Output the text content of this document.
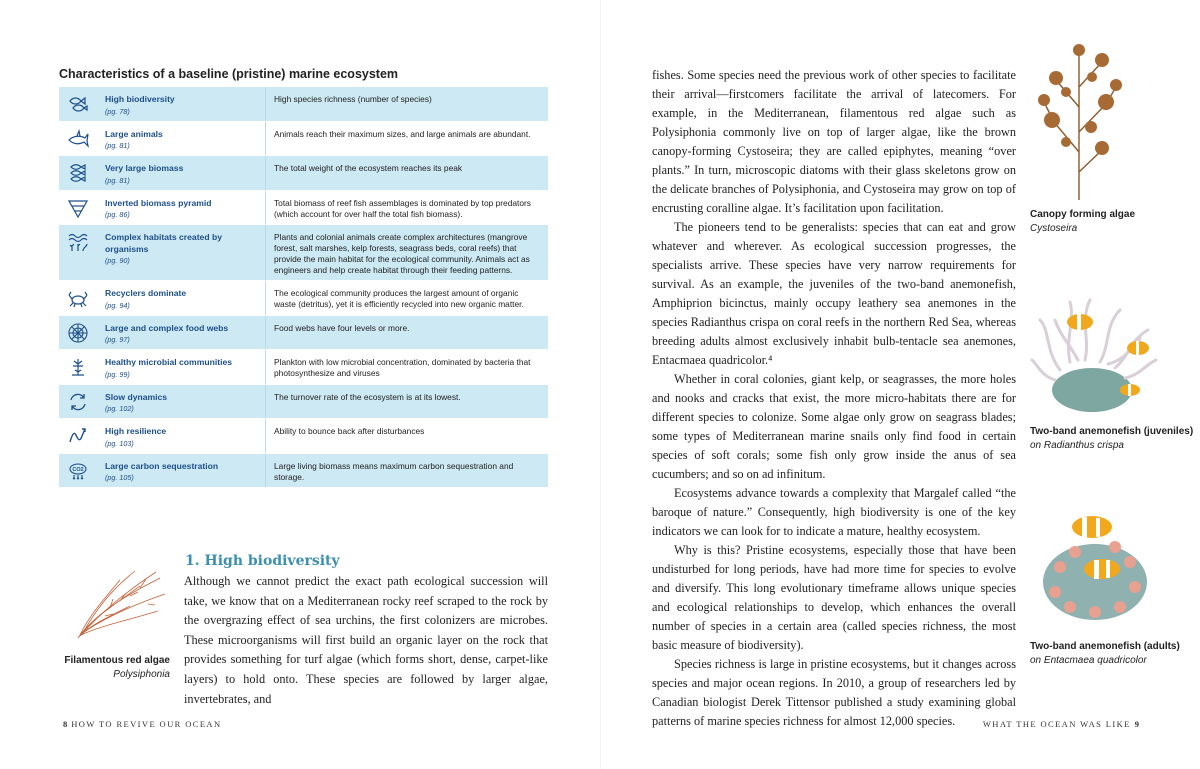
Characteristics of a baseline (pristine) marine ecosystem
High biodiversity
(pg. 78)
High species richness (number of species)
Large animals
(pg. 81)
Animals reach their maximum sizes, and large animals are abundant.
Very large biomass
(pg. 81)
The total weight of the ecosystem reaches its peak
Inverted biomass pyramid
(pg. 86)
Total biomass of reef fish assemblages is dominated by top predators (which account for over half the total fish biomass).
Complex habitats created by organisms
(pg. 90)
Plants and colonial animals create complex architectures (mangrove forest, salt marshes, kelp forests, seagrass beds, coral reefs) that provide the main habitat for the ecological community. Animals act as engineers and help create habitat through their feeding patterns.
Recyclers dominate
(pg. 94)
The ecological community produces the largest amount of organic waste (detritus), yet it is efficiently recycled into new organic matter.
Large and complex food webs
(pg. 97)
Food webs have four levels or more.
Healthy microbial communities
(pg. 99)
Plankton with low microbial concentration, dominated by bacteria that photosynthesize and viruses
Slow dynamics
(pg. 102)
The turnover rate of the ecosystem is at its lowest.
High resilience
(pg. 103)
Ability to bounce back after disturbances
CO2 Large carbon sequestration
(pg. 105)
Large living biomass means maximum carbon sequestration and storage.
Filamentous red algae
Polysiphonia
1. High biodiversity
Although we cannot predict the exact path ecological succession will take, we know that on a Mediterranean rocky reef scraped to the rock by the overgrazing effect of sea urchins, the first colonizers are microbes. These microorganisms will first build an organic layer on the rock that provides something for turf algae (which forms short, dense, carpet-like layers) to hold onto. These species are followed by larger algae, invertebrates, and
8 HOW TO REVIVE OUR OCEAN

fishes. Some species need the previous work of other species to facilitate their arrival—firstcomers facilitate the arrival of latecomers. For example, in the Mediterranean, filamentous red algae such as Polysiphonia commonly live on top of larger algae, like the brown canopy-forming Cystoseira; they are called epiphytes, meaning “over plants.” In turn, microscopic diatoms with their glass skeletons grow on the delicate branches of Polysiphonia, and Cystoseira may grow on top of encrusting coralline algae. It’s facilitation upon facilitation.

The pioneers tend to be generalists: species that can eat and grow whatever and wherever. As ecological succession progresses, the specialists arrive. These species have very narrow requirements for survival. As an example, the juveniles of the two-band anemonefish, Amphiprion bicinctus, mainly occupy leathery sea anemones in the species Radianthus crispa on coral reefs in the northern Red Sea, whereas breeding adults almost exclusively inhabit bulb-tentacle sea anemones, Entacmaea quadricolor.⁴

Whether in coral colonies, giant kelp, or seagrasses, the more holes and nooks and cracks that exist, the more micro-habitats there are for different species to colonize. Some algae only grow on seagrass blades; some types of Mediterranean marine snails only find food in certain species of soft corals; some fish only grow inside the anus of sea cucumbers; and so on ad infinitum.

Ecosystems advance towards a complexity that Margalef called “the baroque of nature.” Consequently, high biodiversity is one of the key indicators we can look for to indicate a mature, healthy ecosystem.

Why is this? Pristine ecosystems, especially those that have been undisturbed for long periods, have had more time for species to evolve and diversify. This long evolutionary timeframe allows unique species and ecological relationships to develop, which enhances the overall number of species in a certain area (called species richness, the most basic measure of biodiversity).

Species richness is large in pristine ecosystems, but it changes across species and major ocean regions. In 2010, a group of researchers led by Canadian biologist Derek Tittensor published a study examining global patterns of marine species richness for almost 12,000 species.

Canopy forming algae
Cystoseira
Two-band anemonefish (juveniles)
on Radianthus crispa
Two-band anemonefish (adults)
on Entacmaea quadricolor
WHAT THE OCEAN WAS LIKE 9
